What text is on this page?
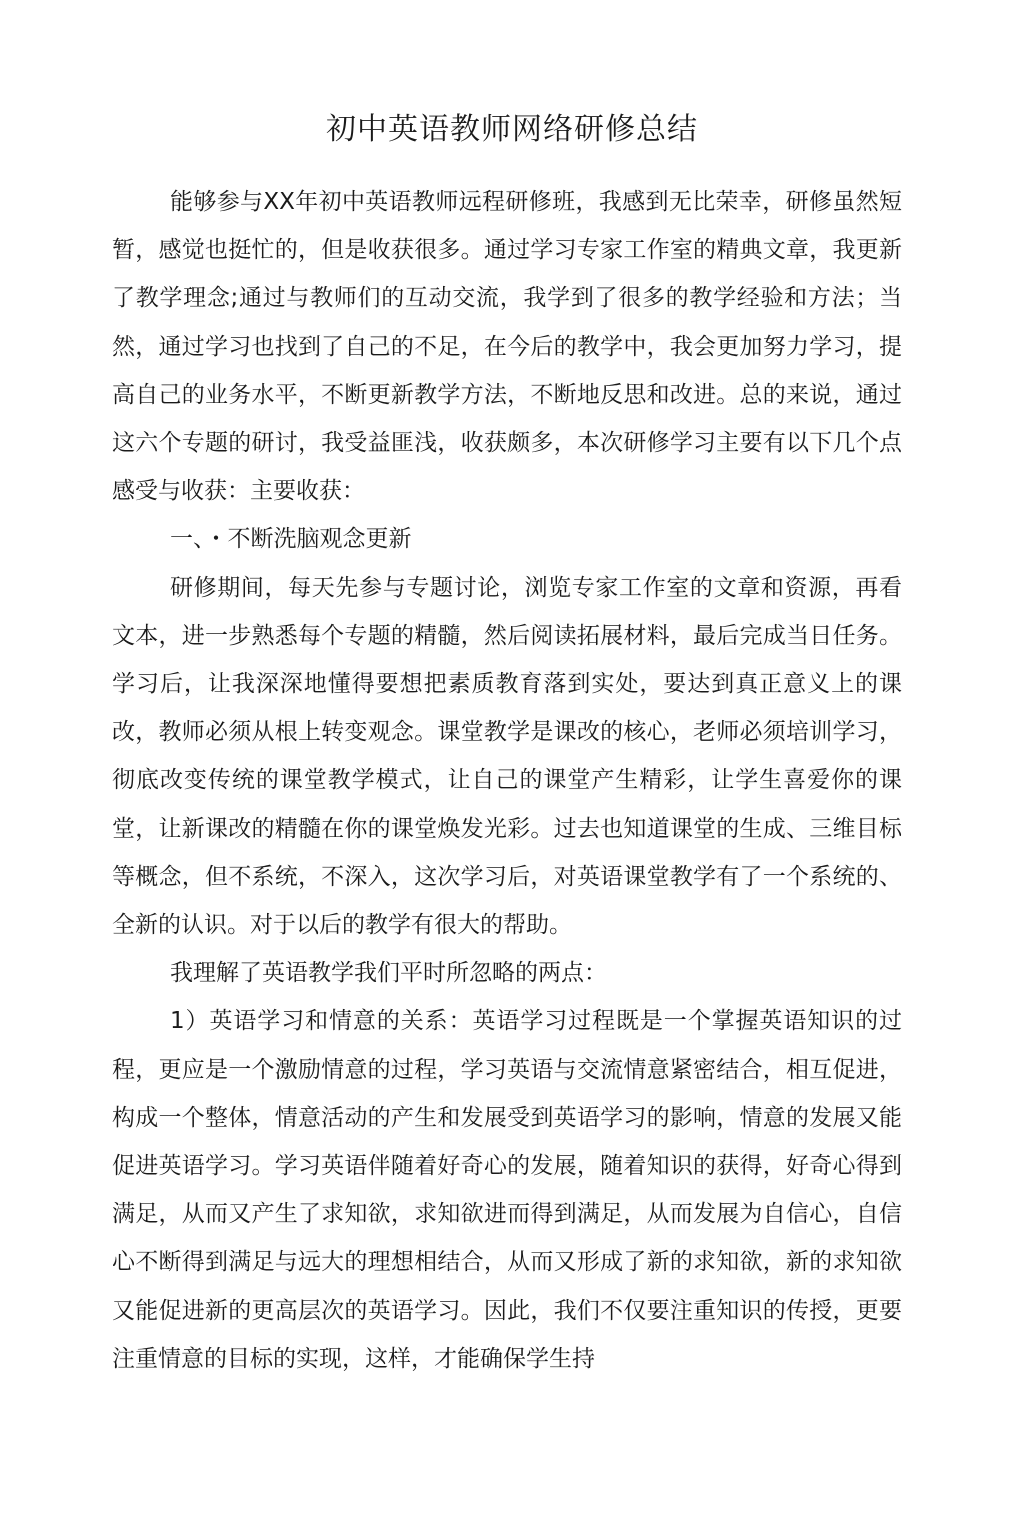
初中英语教师网络研修总结

能够参与XX年初中英语教师远程研修班，我感到无比荣幸，研修虽然短暂，感觉也挺忙的，但是收获很多。通过学习专家工作室的精典文章，我更新了教学理念;通过与教师们的互动交流，我学到了很多的教学经验和方法；当然，通过学习也找到了自己的不足，在今后的教学中，我会更加努力学习，提高自己的业务水平，不断更新教学方法，不断地反思和改进。总的来说，通过这六个专题的研讨，我受益匪浅，收获颇多，本次研修学习主要有以下几个点感受与收获：主要收获：

一、・不断洗脑观念更新

研修期间，每天先参与专题讨论，浏览专家工作室的文章和资源，再看文本，进一步熟悉每个专题的精髓，然后阅读拓展材料，最后完成当日任务。学习后，让我深深地懂得要想把素质教育落到实处，要达到真正意义上的课改，教师必须从根上转变观念。课堂教学是课改的核心，老师必须培训学习，彻底改变传统的课堂教学模式，让自己的课堂产生精彩，让学生喜爱你的课堂，让新课改的精髓在你的课堂焕发光彩。过去也知道课堂的生成、三维目标等概念，但不系统，不深入，这次学习后，对英语课堂教学有了一个系统的、全新的认识。对于以后的教学有很大的帮助。

我理解了英语教学我们平时所忽略的两点：

1）英语学习和情意的关系：英语学习过程既是一个掌握英语知识的过程，更应是一个激励情意的过程，学习英语与交流情意紧密结合，相互促进，构成一个整体，情意活动的产生和发展受到英语学习的影响，情意的发展又能促进英语学习。学习英语伴随着好奇心的发展，随着知识的获得，好奇心得到满足，从而又产生了求知欲，求知欲进而得到满足，从而发展为自信心，自信心不断得到满足与远大的理想相结合，从而又形成了新的求知欲，新的求知欲又能促进新的更高层次的英语学习。因此，我们不仅要注重知识的传授，更要注重情意的目标的实现，这样，才能确保学生持
